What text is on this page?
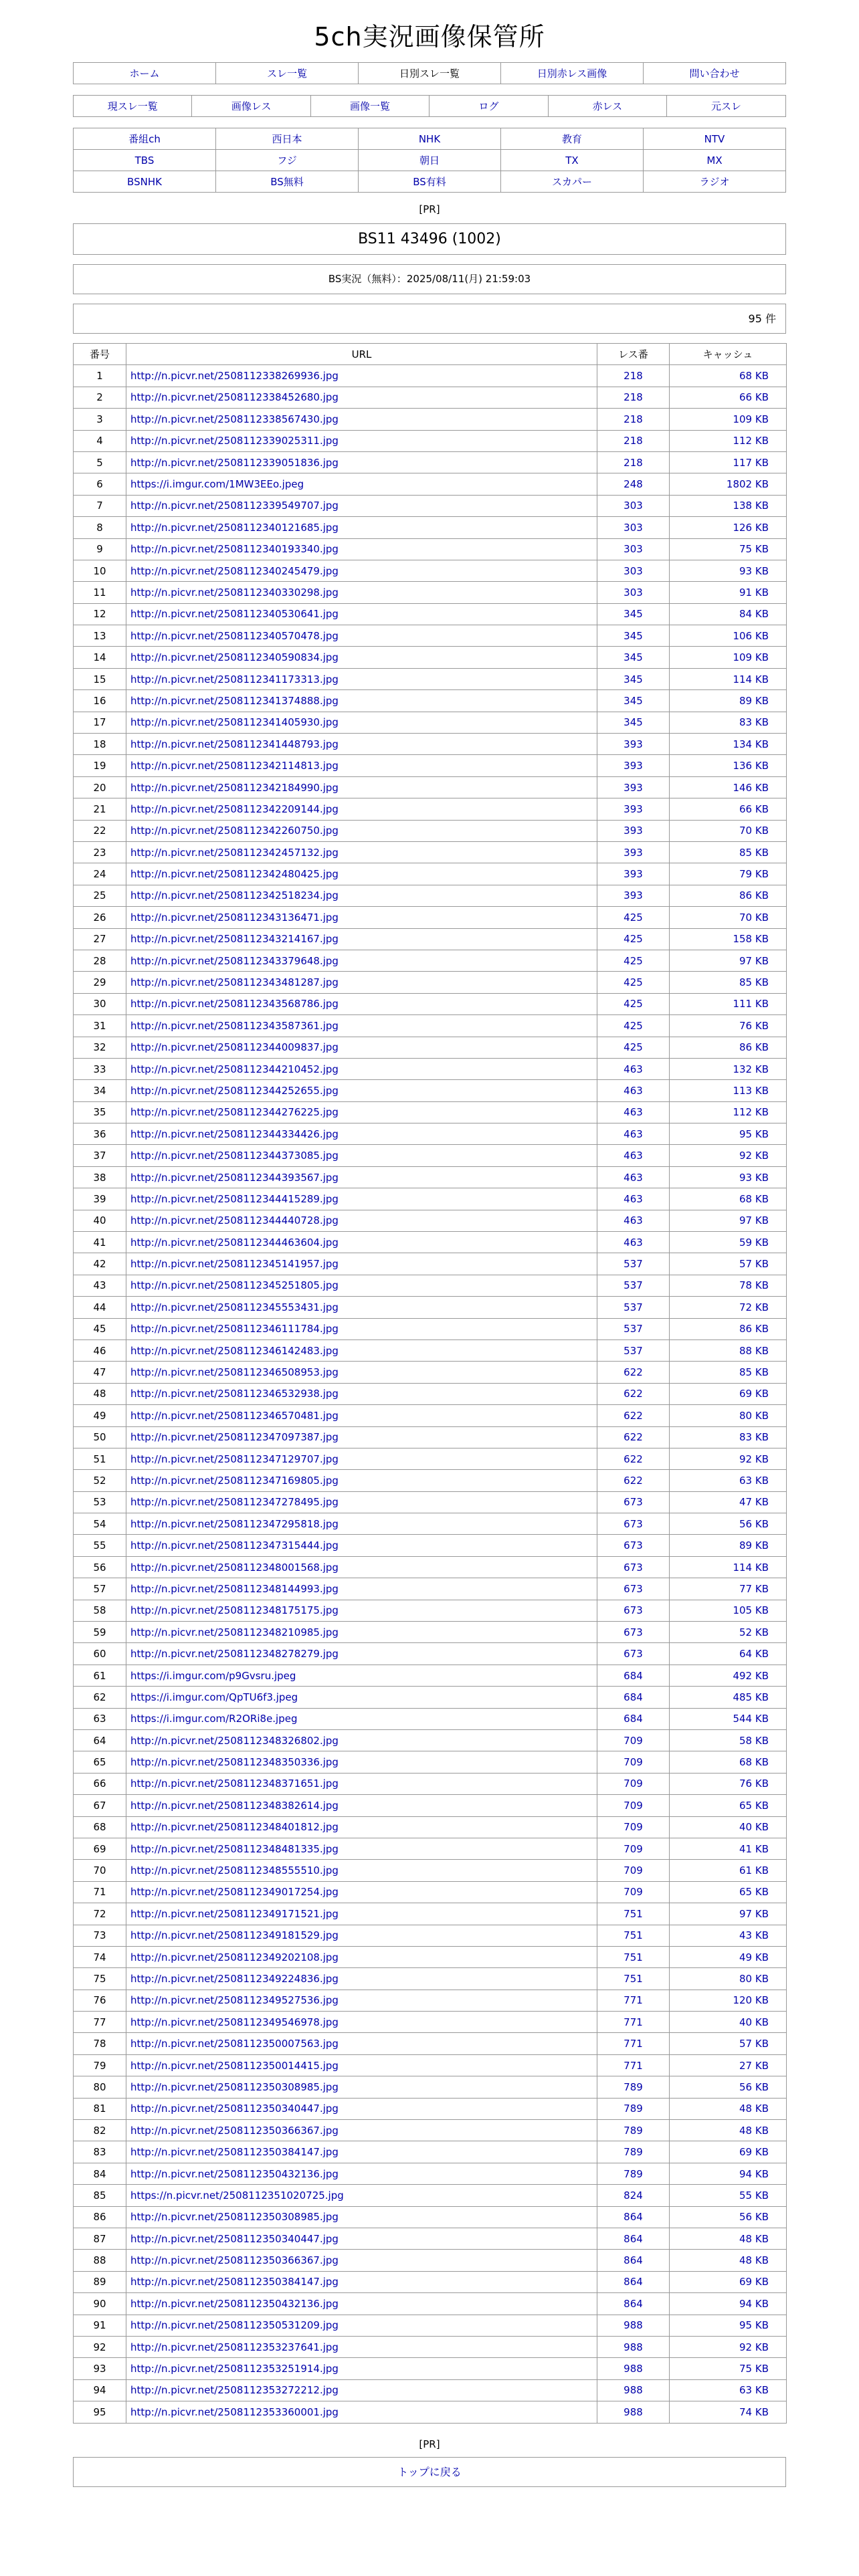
5ch実況画像保管所
ホーム	スレ一覧	日別スレ一覧	日別赤レス画像	問い合わせ
現スレ一覧	画像レス	画像一覧	ログ	赤レス	元スレ
番組ch	西日本	NHK	教育	NTV
TBS	フジ	朝日	TX	MX
BSNHK	BS無料	BS有料	スカパー	ラジオ
[PR]
BS11 43496 (1002)
BS実況（無料）：2025/08/11(月) 21:59:03
95 件
番号	URL	レス番	キャッシュ
1	http://n.picvr.net/2508112338269936.jpg	218	68 KB
2	http://n.picvr.net/2508112338452680.jpg	218	66 KB
3	http://n.picvr.net/2508112338567430.jpg	218	109 KB
4	http://n.picvr.net/2508112339025311.jpg	218	112 KB
5	http://n.picvr.net/2508112339051836.jpg	218	117 KB
6	https://i.imgur.com/1MW3EEo.jpeg	248	1802 KB
7	http://n.picvr.net/2508112339549707.jpg	303	138 KB
8	http://n.picvr.net/2508112340121685.jpg	303	126 KB
9	http://n.picvr.net/2508112340193340.jpg	303	75 KB
10	http://n.picvr.net/2508112340245479.jpg	303	93 KB
11	http://n.picvr.net/2508112340330298.jpg	303	91 KB
12	http://n.picvr.net/2508112340530641.jpg	345	84 KB
13	http://n.picvr.net/2508112340570478.jpg	345	106 KB
14	http://n.picvr.net/2508112340590834.jpg	345	109 KB
15	http://n.picvr.net/2508112341173313.jpg	345	114 KB
16	http://n.picvr.net/2508112341374888.jpg	345	89 KB
17	http://n.picvr.net/2508112341405930.jpg	345	83 KB
18	http://n.picvr.net/2508112341448793.jpg	393	134 KB
19	http://n.picvr.net/2508112342114813.jpg	393	136 KB
20	http://n.picvr.net/2508112342184990.jpg	393	146 KB
21	http://n.picvr.net/2508112342209144.jpg	393	66 KB
22	http://n.picvr.net/2508112342260750.jpg	393	70 KB
23	http://n.picvr.net/2508112342457132.jpg	393	85 KB
24	http://n.picvr.net/2508112342480425.jpg	393	79 KB
25	http://n.picvr.net/2508112342518234.jpg	393	86 KB
26	http://n.picvr.net/2508112343136471.jpg	425	70 KB
27	http://n.picvr.net/2508112343214167.jpg	425	158 KB
28	http://n.picvr.net/2508112343379648.jpg	425	97 KB
29	http://n.picvr.net/2508112343481287.jpg	425	85 KB
30	http://n.picvr.net/2508112343568786.jpg	425	111 KB
31	http://n.picvr.net/2508112343587361.jpg	425	76 KB
32	http://n.picvr.net/2508112344009837.jpg	425	86 KB
33	http://n.picvr.net/2508112344210452.jpg	463	132 KB
34	http://n.picvr.net/2508112344252655.jpg	463	113 KB
35	http://n.picvr.net/2508112344276225.jpg	463	112 KB
36	http://n.picvr.net/2508112344334426.jpg	463	95 KB
37	http://n.picvr.net/2508112344373085.jpg	463	92 KB
38	http://n.picvr.net/2508112344393567.jpg	463	93 KB
39	http://n.picvr.net/2508112344415289.jpg	463	68 KB
40	http://n.picvr.net/2508112344440728.jpg	463	97 KB
41	http://n.picvr.net/2508112344463604.jpg	463	59 KB
42	http://n.picvr.net/2508112345141957.jpg	537	57 KB
43	http://n.picvr.net/2508112345251805.jpg	537	78 KB
44	http://n.picvr.net/2508112345553431.jpg	537	72 KB
45	http://n.picvr.net/2508112346111784.jpg	537	86 KB
46	http://n.picvr.net/2508112346142483.jpg	537	88 KB
47	http://n.picvr.net/2508112346508953.jpg	622	85 KB
48	http://n.picvr.net/2508112346532938.jpg	622	69 KB
49	http://n.picvr.net/2508112346570481.jpg	622	80 KB
50	http://n.picvr.net/2508112347097387.jpg	622	83 KB
51	http://n.picvr.net/2508112347129707.jpg	622	92 KB
52	http://n.picvr.net/2508112347169805.jpg	622	63 KB
53	http://n.picvr.net/2508112347278495.jpg	673	47 KB
54	http://n.picvr.net/2508112347295818.jpg	673	56 KB
55	http://n.picvr.net/2508112347315444.jpg	673	89 KB
56	http://n.picvr.net/2508112348001568.jpg	673	114 KB
57	http://n.picvr.net/2508112348144993.jpg	673	77 KB
58	http://n.picvr.net/2508112348175175.jpg	673	105 KB
59	http://n.picvr.net/2508112348210985.jpg	673	52 KB
60	http://n.picvr.net/2508112348278279.jpg	673	64 KB
61	https://i.imgur.com/p9Gvsru.jpeg	684	492 KB
62	https://i.imgur.com/QpTU6f3.jpeg	684	485 KB
63	https://i.imgur.com/R2ORi8e.jpeg	684	544 KB
64	http://n.picvr.net/2508112348326802.jpg	709	58 KB
65	http://n.picvr.net/2508112348350336.jpg	709	68 KB
66	http://n.picvr.net/2508112348371651.jpg	709	76 KB
67	http://n.picvr.net/2508112348382614.jpg	709	65 KB
68	http://n.picvr.net/2508112348401812.jpg	709	40 KB
69	http://n.picvr.net/2508112348481335.jpg	709	41 KB
70	http://n.picvr.net/2508112348555510.jpg	709	61 KB
71	http://n.picvr.net/2508112349017254.jpg	709	65 KB
72	http://n.picvr.net/2508112349171521.jpg	751	97 KB
73	http://n.picvr.net/2508112349181529.jpg	751	43 KB
74	http://n.picvr.net/2508112349202108.jpg	751	49 KB
75	http://n.picvr.net/2508112349224836.jpg	751	80 KB
76	http://n.picvr.net/2508112349527536.jpg	771	120 KB
77	http://n.picvr.net/2508112349546978.jpg	771	40 KB
78	http://n.picvr.net/2508112350007563.jpg	771	57 KB
79	http://n.picvr.net/2508112350014415.jpg	771	27 KB
80	http://n.picvr.net/2508112350308985.jpg	789	56 KB
81	http://n.picvr.net/2508112350340447.jpg	789	48 KB
82	http://n.picvr.net/2508112350366367.jpg	789	48 KB
83	http://n.picvr.net/2508112350384147.jpg	789	69 KB
84	http://n.picvr.net/2508112350432136.jpg	789	94 KB
85	https://n.picvr.net/2508112351020725.jpg	824	55 KB
86	http://n.picvr.net/2508112350308985.jpg	864	56 KB
87	http://n.picvr.net/2508112350340447.jpg	864	48 KB
88	http://n.picvr.net/2508112350366367.jpg	864	48 KB
89	http://n.picvr.net/2508112350384147.jpg	864	69 KB
90	http://n.picvr.net/2508112350432136.jpg	864	94 KB
91	http://n.picvr.net/2508112350531209.jpg	988	95 KB
92	http://n.picvr.net/2508112353237641.jpg	988	92 KB
93	http://n.picvr.net/2508112353251914.jpg	988	75 KB
94	http://n.picvr.net/2508112353272212.jpg	988	63 KB
95	http://n.picvr.net/2508112353360001.jpg	988	74 KB
[PR]
トップに戻る
